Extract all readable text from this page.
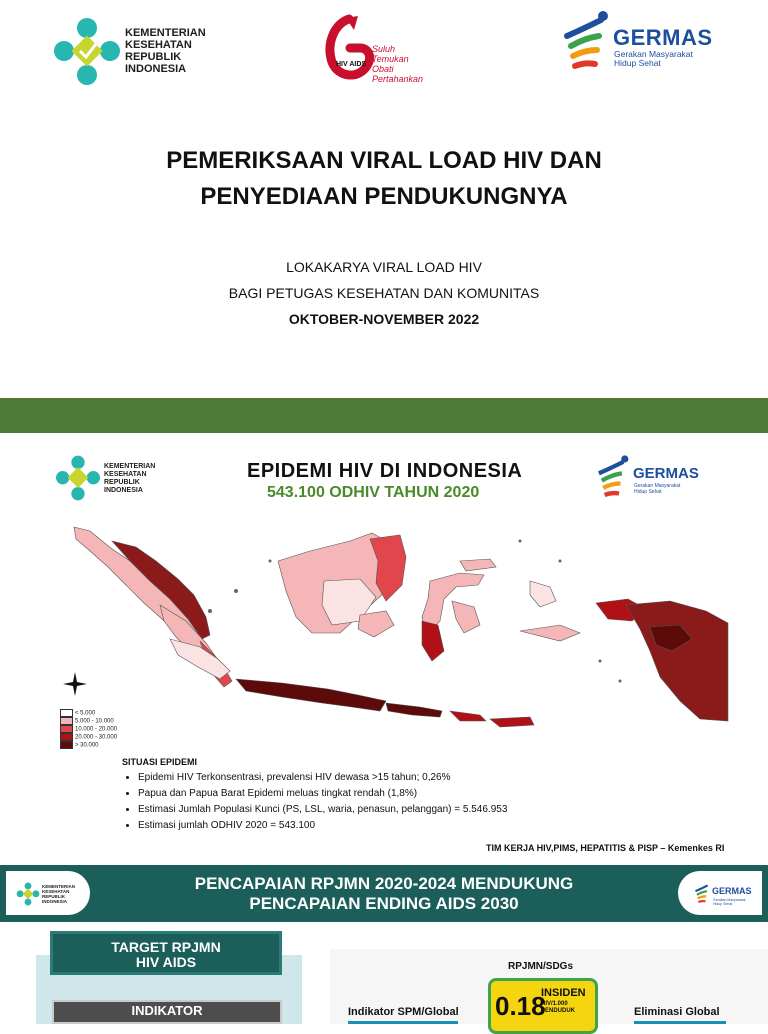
KEMENTERIAN
KESEHATAN
REPUBLIK
INDONESIA	HIV AIDS
Suluh
Temukan
Obati
Pertahankan
GERMAS
Gerakan Masyarakat
Hidup Sehat
PEMERIKSAAN VIRAL LOAD HIV DAN
PENYEDIAAN PENDUKUNGNYA
LOKAKARYA VIRAL LOAD HIV
BAGI PETUGAS KESEHATAN DAN KOMUNITAS
OKTOBER-NOVEMBER 2022
KEMENTERIAN
KESEHATAN
REPUBLIK
INDONESIA
EPIDEMI HIV DI INDONESIA
543.100 ODHIV TAHUN 2020
GERMAS
Gerakan Masyarakat
Hidup Sehat
< 5.000
5.000 - 10.000
10.000 - 20.000
20.000 - 30.000
> 30.000
SITUASI EPIDEMI
• Epidemi HIV Terkonsentrasi, prevalensi HIV dewasa >15 tahun; 0,26%
• Papua dan Papua Barat Epidemi meluas tingkat rendah (1,8%)
• Estimasi Jumlah Populasi Kunci (PS, LSL, waria, penasun, pelanggan) = 5.546.953
• Estimasi jumlah ODHIV 2020 = 543.100
TIM KERJA HIV,PIMS, HEPATITIS & PISP – Kemenkes RI
KEMENTERIAN
KESEHATAN
REPUBLIK
INDONESIA
PENCAPAIAN RPJMN 2020-2024 MENDUKUNG
PENCAPAIAN ENDING AIDS 2030
GERMAS
Gerakan Masyarakat
Hidup Sehat
TARGET RPJMN
HIV AIDS
INDIKATOR
RPJMN/SDGs
0.18
INSIDEN
HIV/1.000
PENDUDUK
Indikator SPM/Global	Eliminasi Global
